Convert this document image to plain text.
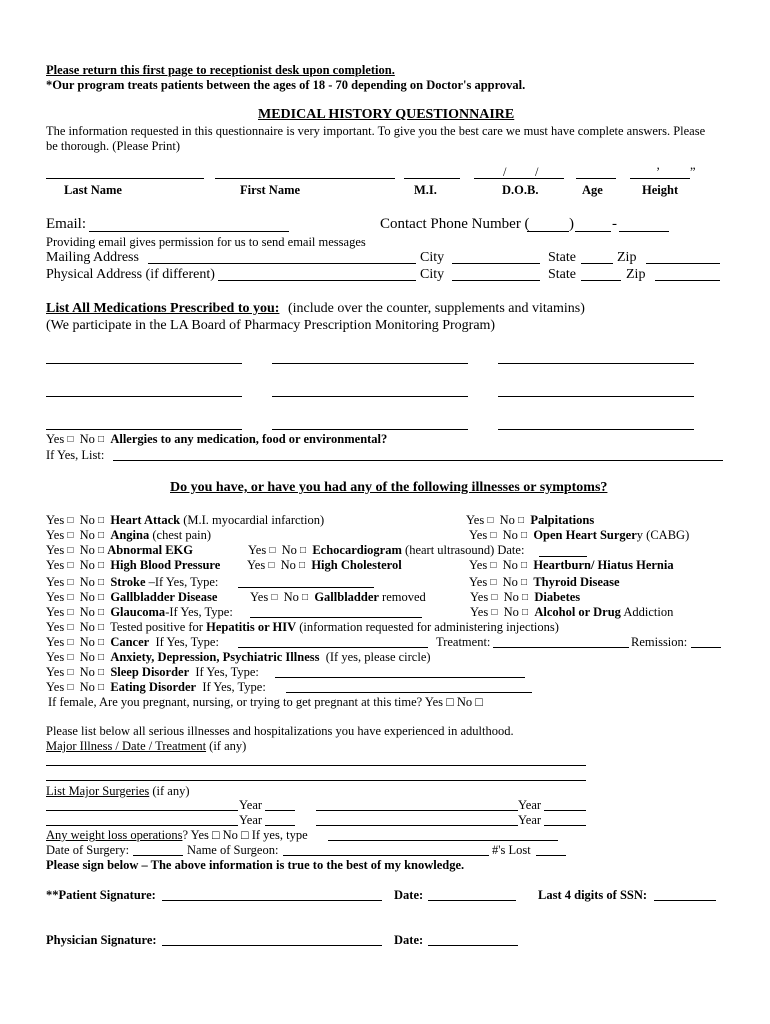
Please return this first page to receptionist desk upon completion.
*Our program treats patients between the ages of 18 - 70 depending on Doctor's approval.
MEDICAL HISTORY QUESTIONNAIRE
The information requested in this questionnaire is very important. To give you the best care we must have complete answers. Please
be thorough. (Please Print)
/ /	’ ”
Last Name	First Name	M.I.	D.O.B.	Age	Height
Email:	Contact Phone Number (	)	-
Providing email gives permission for us to send email messages
Mailing Address	City	State	Zip
Physical Address (if different)	City	State	Zip
List All Medications Prescribed to you: (include over the counter, supplements and vitamins)
(We participate in the LA Board of Pharmacy Prescription Monitoring Program)
Yes □ No □ Allergies to any medication, food or environmental?
If Yes, List:
Do you have, or have you had any of the following illnesses or symptoms?
Yes □ No □ Heart Attack (M.I. myocardial infarction)	Yes □ No □ Palpitations
Yes □ No □ Angina (chest pain)	Yes □ No □ Open Heart Surgery (CABG)
Yes □ No □ Abnormal EKG	Yes □ No □ Echocardiogram (heart ultrasound) Date:
Yes □ No □ High Blood Pressure Yes □ No □ High Cholesterol	Yes □ No □ Heartburn/ Hiatus Hernia
Yes □ No □ Stroke –If Yes, Type:	Yes □ No □ Thyroid Disease
Yes □ No □ Gallbladder Disease	Yes □ No □ Gallbladder removed	Yes □ No □ Diabetes
Yes □ No □ Glaucoma-If Yes, Type:	Yes □ No □ Alcohol or Drug Addiction
Yes □ No □ Tested positive for Hepatitis or HIV (information requested for administering injections)
Yes □ No □ Cancer If Yes, Type:	Treatment:	Remission:
Yes □ No □ Anxiety, Depression, Psychiatric Illness (If yes, please circle)
Yes □ No □ Sleep Disorder If Yes, Type:
Yes □ No □ Eating Disorder If Yes, Type:
If female, Are you pregnant, nursing, or trying to get pregnant at this time? Yes □ No □
Please list below all serious illnesses and hospitalizations you have experienced in adulthood.
Major Illness / Date / Treatment (if any)
List Major Surgeries (if any)
Year	Year
Year	Year
Any weight loss operations? Yes □ No □ If yes, type
Date of Surgery:	Name of Surgeon:	#'s Lost
Please sign below – The above information is true to the best of my knowledge.
**Patient Signature:	Date:	Last 4 digits of SSN:
Physician Signature:	Date:
